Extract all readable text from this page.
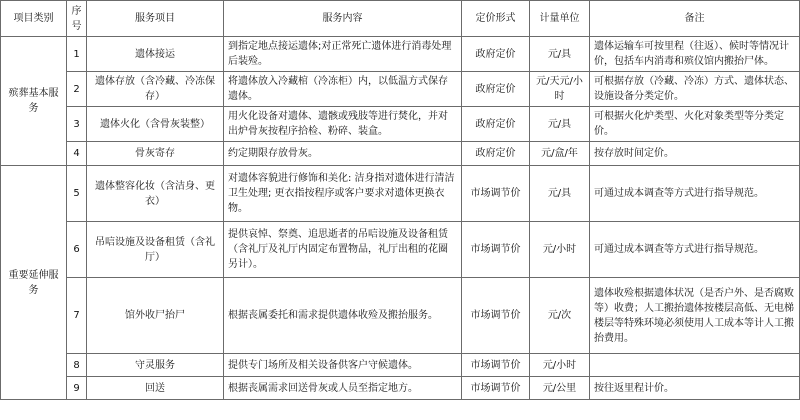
项目类别	序号	服务项目	服务内容	定价形式	计量单位	备注
殡葬基本服务	1	遗体接运	到指定地点接运遗体;对正常死亡遗体进行消毒处理后装殓。	政府定价	元/具	遗体运输车可按里程（往返）、候时等情况计价，包括车内消毒和殡仪馆内搬抬尸体。
	2	遗体存放（含冷藏、冷冻保存）	将遗体放入冷藏棺（冷冻柜）内，以低温方式保存遗体。	政府定价	元/天元/小时	可根据存放（冷藏、冷冻）方式、遗体状态、设施设备分类定价。
	3	遗体火化（含骨灰装整）	用火化设备对遗体、遗骸或残肢等进行焚化，并对出炉骨灰按程序拾检、粉碎、装盒。	政府定价	元/具	可根据火化炉类型、火化对象类型等分类定价。
	4	骨灰寄存	约定期限存放骨灰。	政府定价	元/盒/年	按存放时间定价。
重要延伸服务	5	遗体整容化妆（含洁身、更衣）	对遗体容貌进行修饰和美化: 洁身指对遗体进行清洁卫生处理; 更衣指按程序或客户要求对遗体更换衣物。	市场调节价	元/具	可通过成本调查等方式进行指导规范。
	6	吊唁设施及设备租赁（含礼厅）	提供哀悼、祭奠、追思逝者的吊唁设施及设备租赁（含礼厅及礼厅内固定布置物品，礼厅出租的花圈另计）。	市场调节价	元/小时	可通过成本调查等方式进行指导规范。
	7	馆外收尸抬尸	根据丧属委托和需求提供遗体收殓及搬抬服务。	市场调节价	元/次	遗体收殓根据遗体状况（是否户外、是否腐败等）收费；人工搬抬遗体按楼层高低、无电梯楼层等特殊环境必须使用人工成本等计人工搬抬费用。
	8	守灵服务	提供专门场所及相关设备供客户守候遗体。	市场调节价	元/小时	
	9	回送	根据丧属需求回送骨灰或人员至指定地方。	市场调节价	元/公里	按往返里程计价。
